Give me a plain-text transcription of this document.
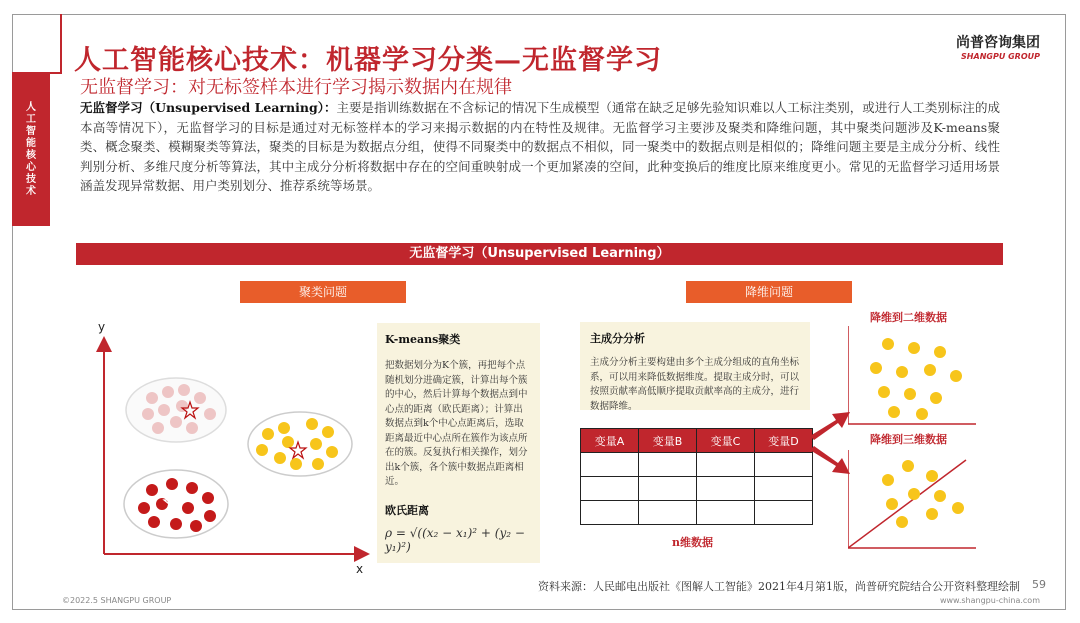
人
工
智
能
核
心
技
术
人工智能核心技术：机器学习分类—无监督学习
无监督学习：对无标签样本进行学习揭示数据内在规律
尚普咨询集团
SHANGPU GROUP
无监督学习（Unsupervised Learning）：主要是指训练数据在不含标记的情况下生成模型（通常在缺乏足够先验知识难以人工标注类别，或进行人工类别标注的成本高等情况下），无监督学习的目标是通过对无标签样本的学习来揭示数据的内在特性及规律。无监督学习主要涉及聚类和降维问题，其中聚类问题涉及K-means聚类、概念聚类、模糊聚类等算法，聚类的目标是为数据点分组，使得不同聚类中的数据点不相似，同一聚类中的数据点则是相似的；降维问题主要是主成分分析、线性判别分析、多维尺度分析等算法，其中主成分分析将数据中存在的空间重映射成一个更加紧凑的空间，此种变换后的维度比原来维度更小。常见的无监督学习适用场景涵盖发现异常数据、用户类别划分、推荐系统等场景。
无监督学习（Unsupervised Learning）
聚类问题
y
x
K-means聚类
把数据划分为K个簇，再把每个点随机划分进确定簇，计算出每个簇的中心，然后计算每个数据点到中心点的距离（欧氏距离）；计算出数据点到k个中心点距离后，选取距离最近中心点所在簇作为该点所在的簇。反复执行相关操作，划分出k个簇，各个簇中数据点距离相近。
欧氏距离
ρ = √((x₂ − x₁)² + (y₂ − y₁)²)
降维问题
主成分分析
主成分分析主要构建由多个主成分组成的直角坐标系，可以用来降低数据维度。提取主成分时，可以按照贡献率高低顺序提取贡献率高的主成分，进行数据降维。
变量A	变量B	变量C	变量D

n维数据
降维到二维数据
降维到三维数据
资料来源：人民邮电出版社《图解人工智能》2021年4月第1版，尚普研究院结合公开资料整理绘制 59
©2022.5 SHANGPU GROUP	www.shangpu-china.com
